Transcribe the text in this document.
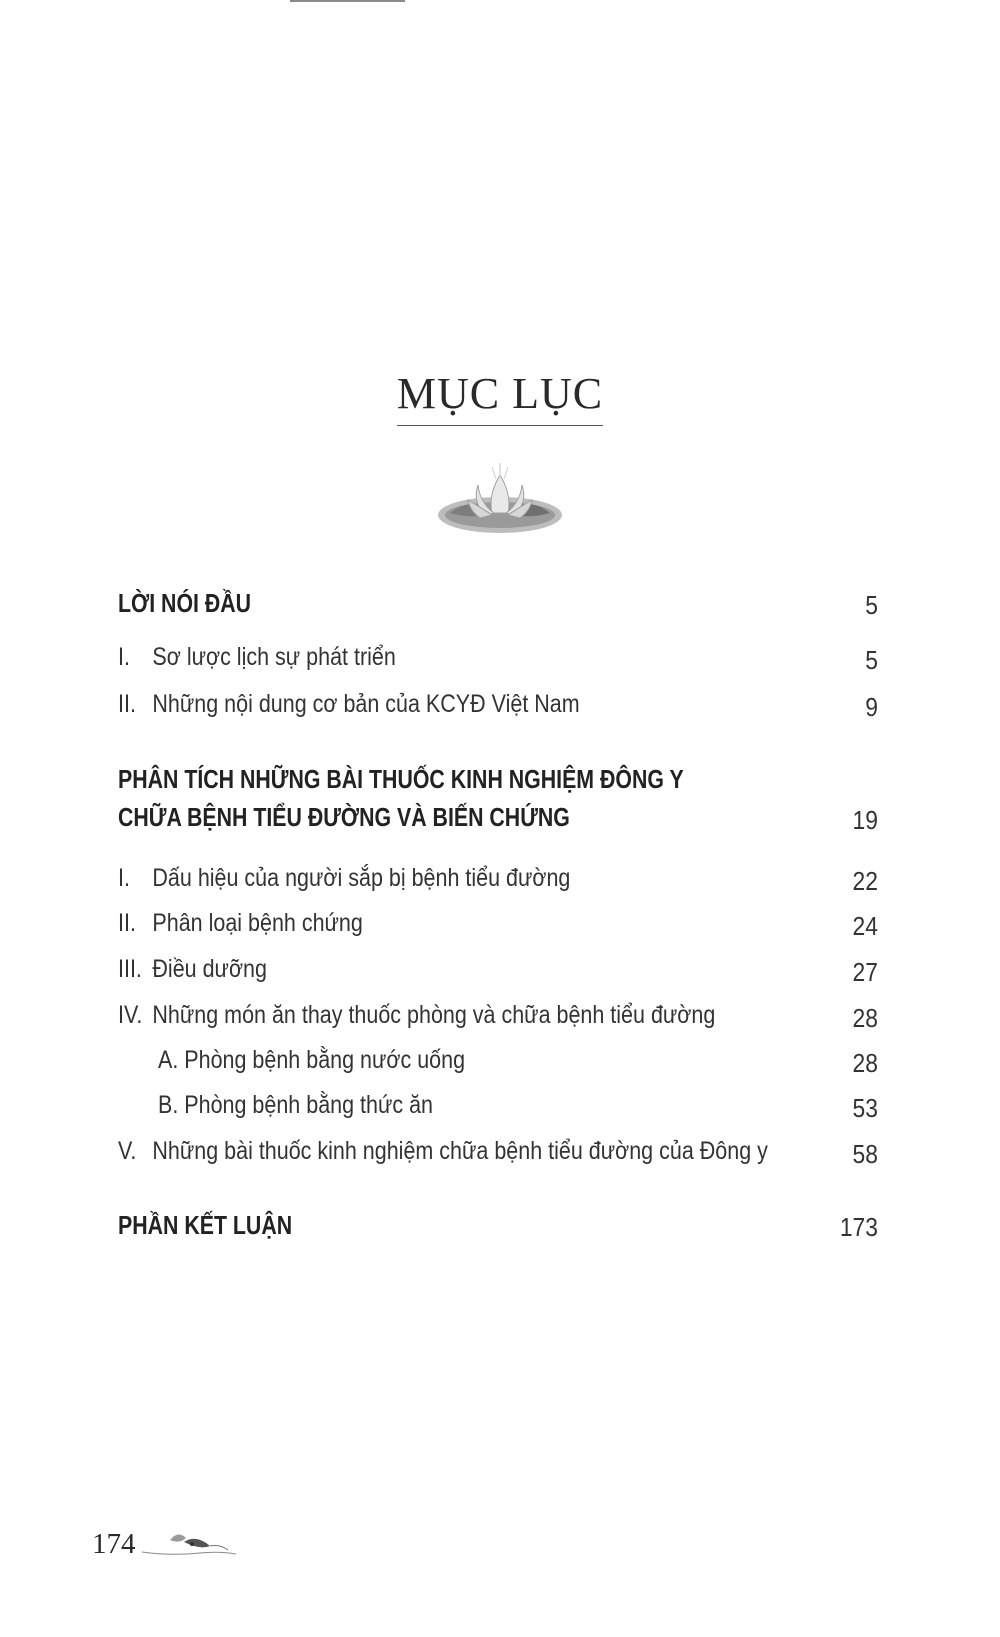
MỤC LỤC
LỜI NÓI ĐẦU	5
I. Sơ lược lịch sự phát triển	5
II. Những nội dung cơ bản của KCYĐ Việt Nam	9
PHÂN TÍCH NHỮNG BÀI THUỐC KINH NGHIỆM ĐÔNG Y
CHỮA BỆNH TIỂU ĐƯỜNG VÀ BIẾN CHỨNG	19
I. Dấu hiệu của người sắp bị bệnh tiểu đường	22
II. Phân loại bệnh chứng	24
III. Điều dưỡng	27
IV. Những món ăn thay thuốc phòng và chữa bệnh tiểu đường	28
A. Phòng bệnh bằng nước uống	28
B. Phòng bệnh bằng thức ăn	53
V. Những bài thuốc kinh nghiệm chữa bệnh tiểu đường của Đông y	58
PHẦN KẾT LUẬN	173
174
